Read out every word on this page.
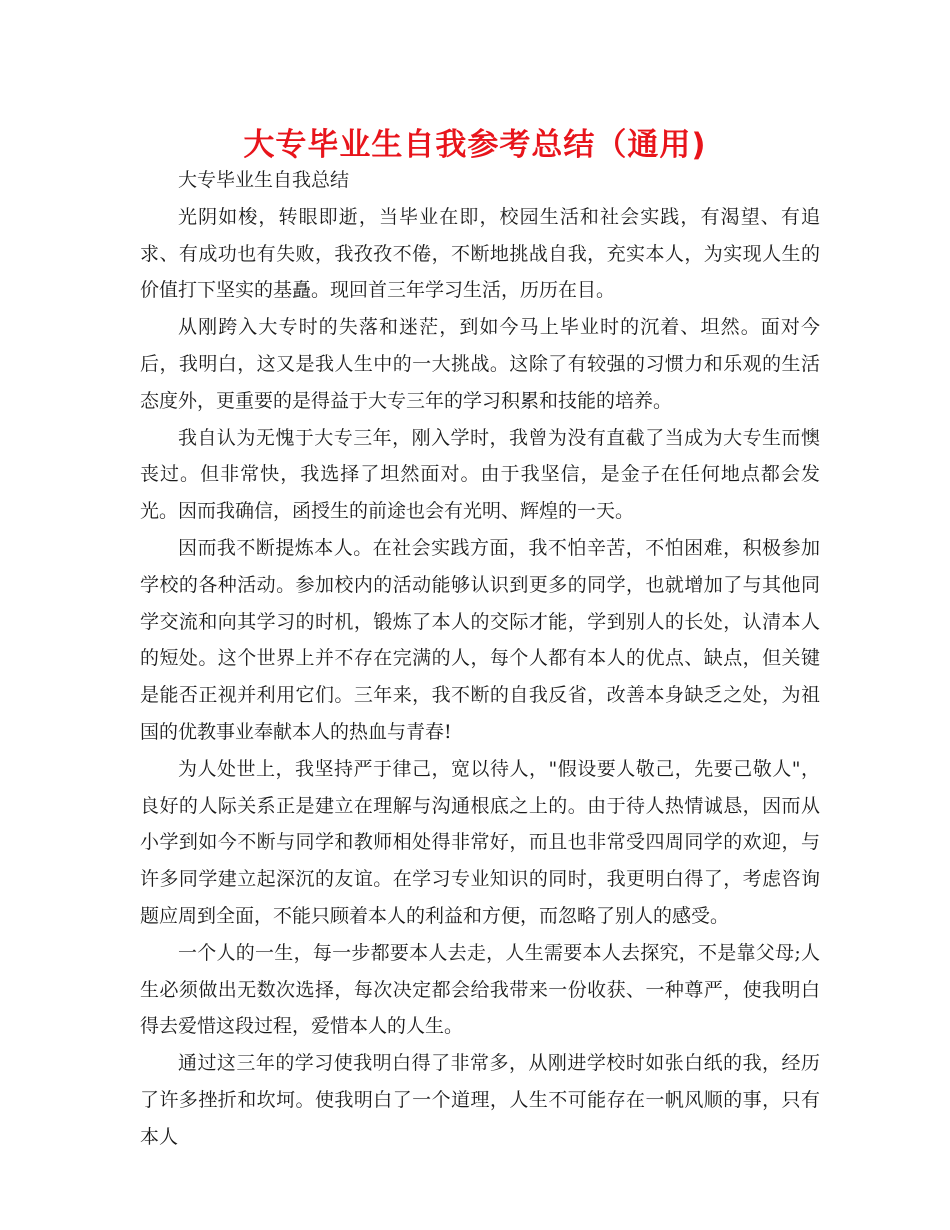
大专毕业生自我参考总结（通用)

大专毕业生自我总结

光阴如梭，转眼即逝，当毕业在即，校园生活和社会实践，有渴望、有追求、有成功也有失败，我孜孜不倦，不断地挑战自我，充实本人，为实现人生的价值打下坚实的基矗。现回首三年学习生活，历历在目。

从刚跨入大专时的失落和迷茫，到如今马上毕业时的沉着、坦然。面对今后，我明白，这又是我人生中的一大挑战。这除了有较强的习惯力和乐观的生活态度外，更重要的是得益于大专三年的学习积累和技能的培养。

我自认为无愧于大专三年，刚入学时，我曾为没有直截了当成为大专生而懊丧过。但非常快，我选择了坦然面对。由于我坚信，是金子在任何地点都会发光。因而我确信，函授生的前途也会有光明、辉煌的一天。

因而我不断提炼本人。在社会实践方面，我不怕辛苦，不怕困难，积极参加学校的各种活动。参加校内的活动能够认识到更多的同学，也就增加了与其他同学交流和向其学习的时机，锻炼了本人的交际才能，学到别人的长处，认清本人的短处。这个世界上并不存在完满的人，每个人都有本人的优点、缺点，但关键是能否正视并利用它们。三年来，我不断的自我反省，改善本身缺乏之处，为祖国的优教事业奉献本人的热血与青春!

为人处世上，我坚持严于律己，宽以待人，"假设要人敬己，先要己敬人"，良好的人际关系正是建立在理解与沟通根底之上的。由于待人热情诚恳，因而从小学到如今不断与同学和教师相处得非常好，而且也非常受四周同学的欢迎，与许多同学建立起深沉的友谊。在学习专业知识的同时，我更明白得了，考虑咨询题应周到全面，不能只顾着本人的利益和方便，而忽略了别人的感受。

一个人的一生，每一步都要本人去走，人生需要本人去探究，不是靠父母;人生必须做出无数次选择，每次决定都会给我带来一份收获、一种尊严，使我明白得去爱惜这段过程，爱惜本人的人生。

通过这三年的学习使我明白得了非常多，从刚进学校时如张白纸的我，经历了许多挫折和坎坷。使我明白了一个道理，人生不可能存在一帆风顺的事，只有本人
